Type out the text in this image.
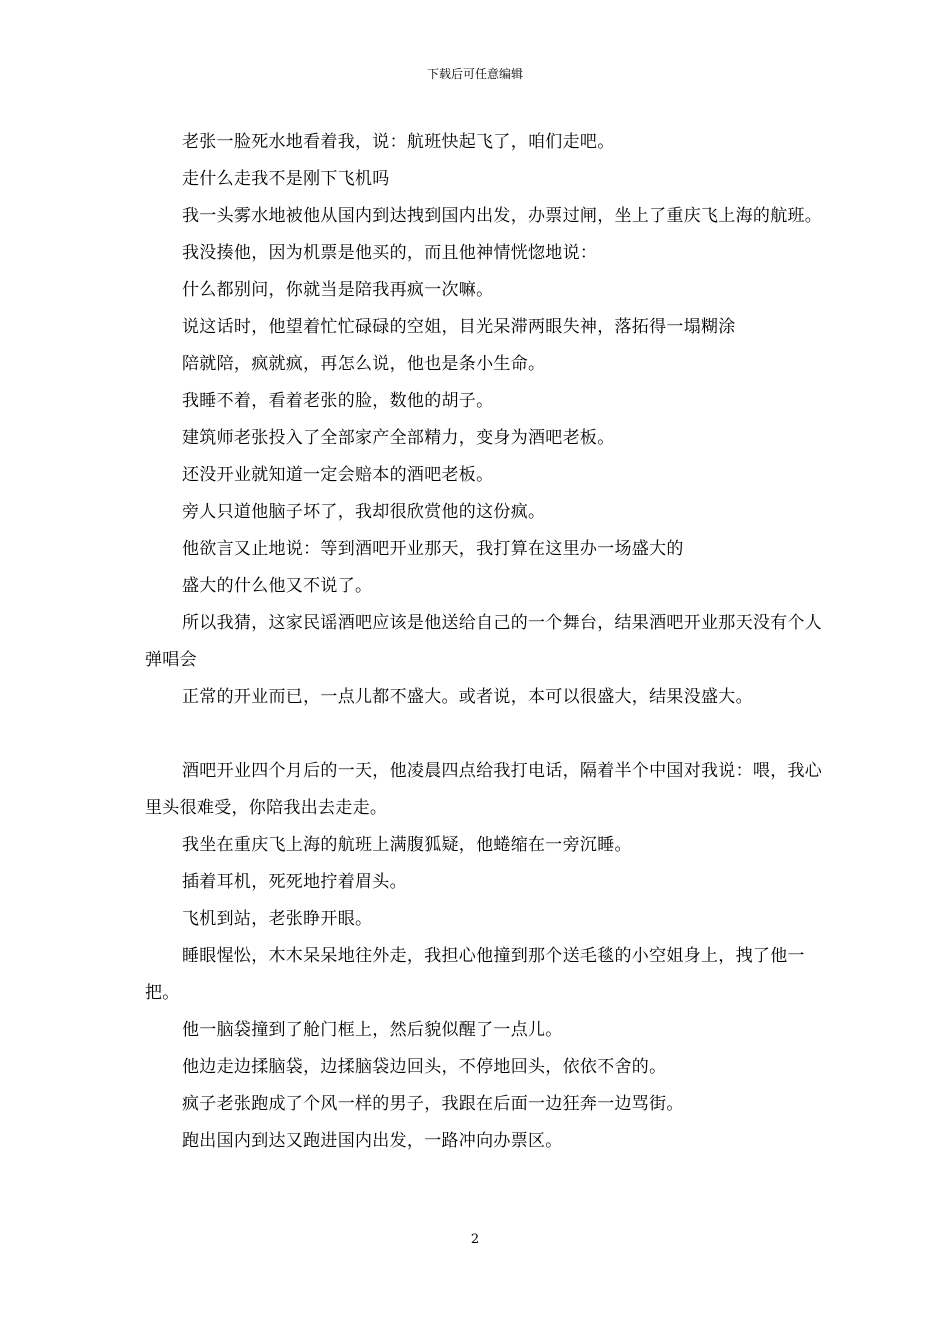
下载后可任意编辑

老张一脸死水地看着我，说：航班快起飞了，咱们走吧。

走什么走我不是刚下飞机吗

我一头雾水地被他从国内到达拽到国内出发，办票过闸，坐上了重庆飞上海的航班。

我没揍他，因为机票是他买的，而且他神情恍惚地说：

什么都别问，你就当是陪我再疯一次嘛。

说这话时，他望着忙忙碌碌的空姐，目光呆滞两眼失神，落拓得一塌糊涂

陪就陪，疯就疯，再怎么说，他也是条小生命。

我睡不着，看着老张的脸，数他的胡子。

建筑师老张投入了全部家产全部精力，变身为酒吧老板。

还没开业就知道一定会赔本的酒吧老板。

旁人只道他脑子坏了，我却很欣赏他的这份疯。

他欲言又止地说：等到酒吧开业那天，我打算在这里办一场盛大的

盛大的什么他又不说了。

所以我猜，这家民谣酒吧应该是他送给自己的一个舞台，结果酒吧开业那天没有个人弹唱会

正常的开业而已，一点儿都不盛大。或者说，本可以很盛大，结果没盛大。

酒吧开业四个月后的一天，他凌晨四点给我打电话，隔着半个中国对我说：喂，我心里头很难受，你陪我出去走走。

我坐在重庆飞上海的航班上满腹狐疑，他蜷缩在一旁沉睡。

插着耳机，死死地拧着眉头。

飞机到站，老张睁开眼。

睡眼惺忪，木木呆呆地往外走，我担心他撞到那个送毛毯的小空姐身上，拽了他一把。

他一脑袋撞到了舱门框上，然后貌似醒了一点儿。

他边走边揉脑袋，边揉脑袋边回头，不停地回头，依依不舍的。

疯子老张跑成了个风一样的男子，我跟在后面一边狂奔一边骂街。

跑出国内到达又跑进国内出发，一路冲向办票区。

2
